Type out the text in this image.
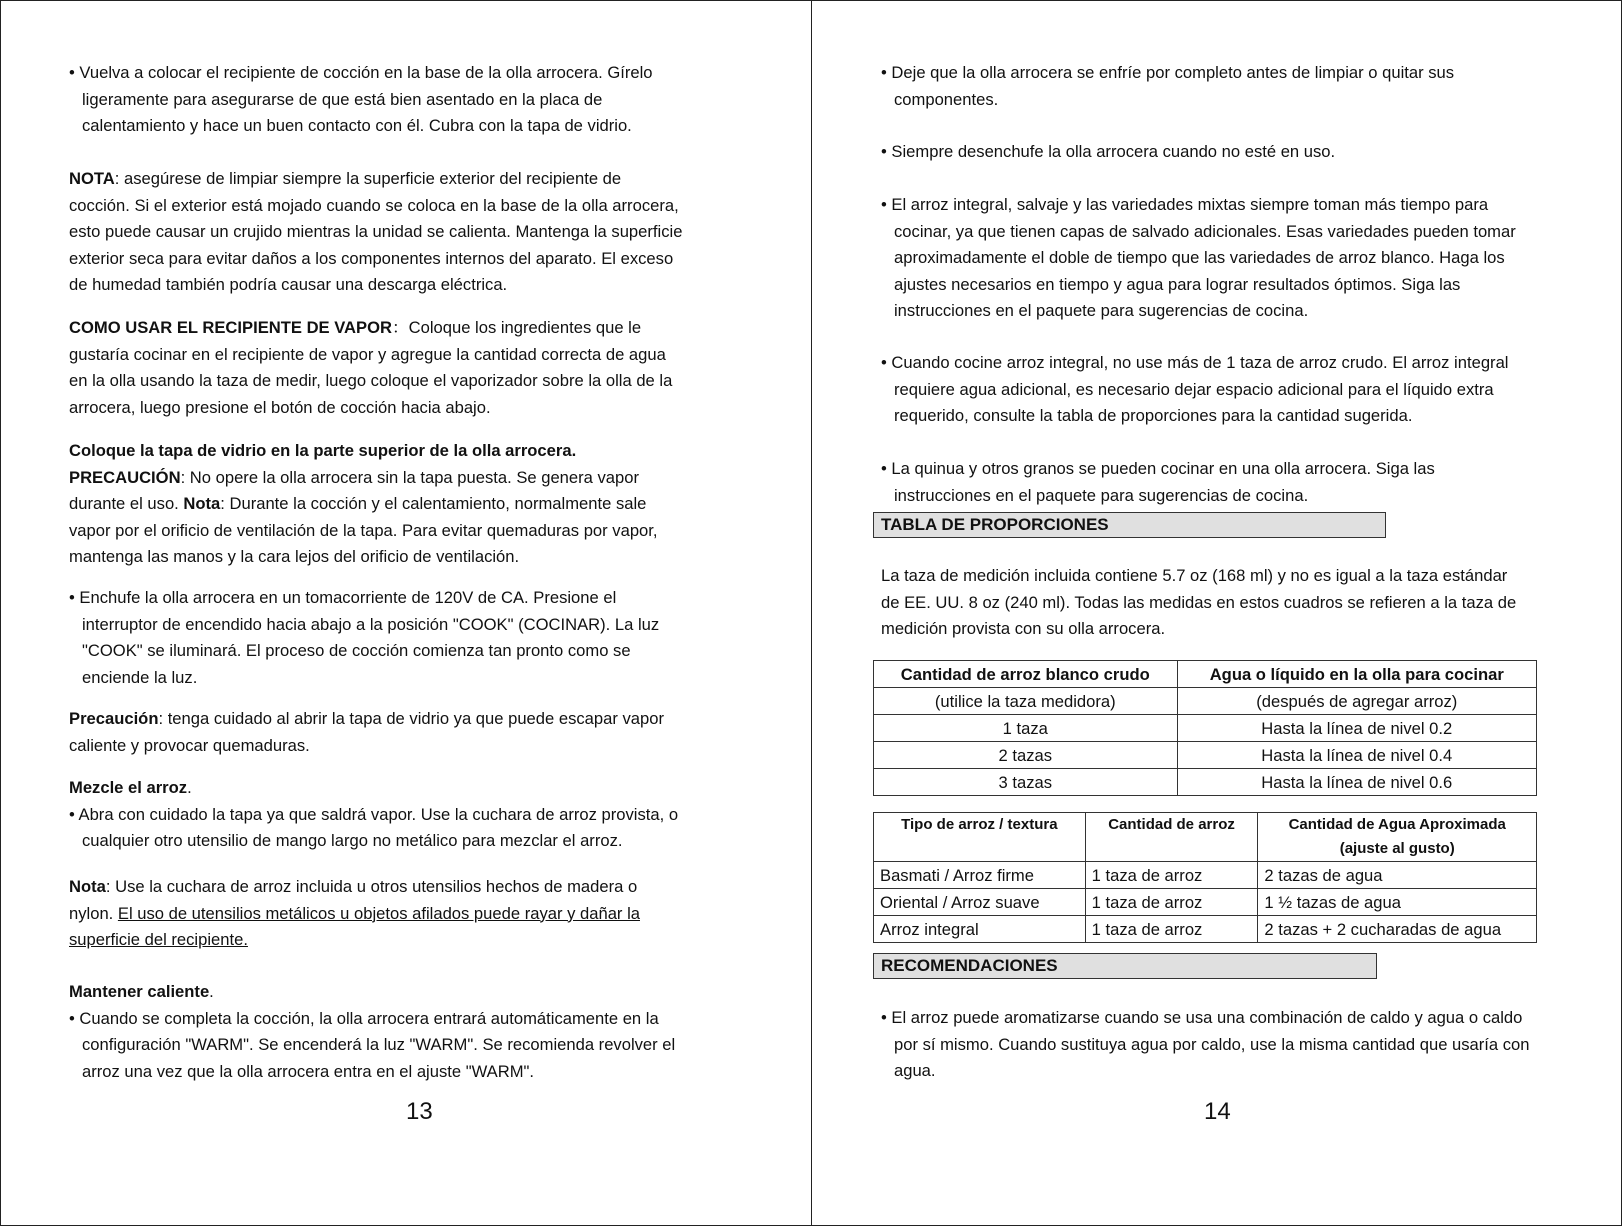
• Vuelva a colocar el recipiente de cocción en la base de la olla arrocera. Gírelo

ligeramente para asegurarse de que está bien asentado en la placa de

calentamiento y hace un buen contacto con él. Cubra con la tapa de vidrio.

NOTA: asegúrese de limpiar siempre la superficie exterior del recipiente de

cocción. Si el exterior está mojado cuando se coloca en la base de la olla arrocera,

esto puede causar un crujido mientras la unidad se calienta. Mantenga la superficie

exterior seca para evitar daños a los componentes internos del aparato. El exceso

de humedad también podría causar una descarga eléctrica.

COMO USAR EL RECIPIENTE DE VAPOR：Coloque los ingredientes que le

gustaría cocinar en el recipiente de vapor y agregue la cantidad correcta de agua

en la olla usando la taza de medir, luego coloque el vaporizador sobre la olla de la

arrocera, luego presione el botón de cocción hacia abajo.

Coloque la tapa de vidrio en la parte superior de la olla arrocera.

PRECAUCIÓN: No opere la olla arrocera sin la tapa puesta. Se genera vapor

durante el uso. Nota: Durante la cocción y el calentamiento, normalmente sale

vapor por el orificio de ventilación de la tapa. Para evitar quemaduras por vapor,

mantenga las manos y la cara lejos del orificio de ventilación.

• Enchufe la olla arrocera en un tomacorriente de 120V de CA. Presione el

interruptor de encendido hacia abajo a la posición "COOK" (COCINAR). La luz

"COOK" se iluminará. El proceso de cocción comienza tan pronto como se

enciende la luz.

Precaución: tenga cuidado al abrir la tapa de vidrio ya que puede escapar vapor

caliente y provocar quemaduras.

Mezcle el arroz.

• Abra con cuidado la tapa ya que saldrá vapor. Use la cuchara de arroz provista, o

cualquier otro utensilio de mango largo no metálico para mezclar el arroz.

Nota: Use la cuchara de arroz incluida u otros utensilios hechos de madera o

nylon. El uso de utensilios metálicos u objetos afilados puede rayar y dañar la

superficie del recipiente.

Mantener caliente.

• Cuando se completa la cocción, la olla arrocera entrará automáticamente en la

configuración "WARM". Se encenderá la luz "WARM". Se recomienda revolver el

arroz una vez que la olla arrocera entra en el ajuste "WARM".

13

• Deje que la olla arrocera se enfríe por completo antes de limpiar o quitar sus

componentes.

• Siempre desenchufe la olla arrocera cuando no esté en uso.

• El arroz integral, salvaje y las variedades mixtas siempre toman más tiempo para

cocinar, ya que tienen capas de salvado adicionales. Esas variedades pueden tomar

aproximadamente el doble de tiempo que las variedades de arroz blanco. Haga los

ajustes necesarios en tiempo y agua para lograr resultados óptimos. Siga las

instrucciones en el paquete para sugerencias de cocina.

• Cuando cocine arroz integral, no use más de 1 taza de arroz crudo. El arroz integral

requiere agua adicional, es necesario dejar espacio adicional para el líquido extra

requerido, consulte la tabla de proporciones para la cantidad sugerida.

• La quinua y otros granos se pueden cocinar en una olla arrocera. Siga las

instrucciones en el paquete para sugerencias de cocina.

TABLA DE PROPORCIONES

La taza de medición incluida contiene 5.7 oz (168 ml) y no es igual a la taza estándar

de EE. UU. 8 oz (240 ml). Todas las medidas en estos cuadros se refieren a la taza de

medición provista con su olla arrocera.

Cantidad de arroz blanco crudo	Agua o líquido en la olla para cocinar
(utilice la taza medidora)	(después de agregar arroz)
1 taza	Hasta la línea de nivel 0.2
2 tazas	Hasta la línea de nivel 0.4
3 tazas	Hasta la línea de nivel 0.6
Tipo de arroz / textura	Cantidad de arroz	Cantidad de Agua Aproximada
		(ajuste al gusto)
Basmati / Arroz firme	1 taza de arroz	2 tazas de agua
Oriental / Arroz suave	1 taza de arroz	1 ½ tazas de agua
Arroz integral	1 taza de arroz	2 tazas + 2 cucharadas de agua
RECOMENDACIONES

• El arroz puede aromatizarse cuando se usa una combinación de caldo y agua o caldo

por sí mismo. Cuando sustituya agua por caldo, use la misma cantidad que usaría con

agua.

14
